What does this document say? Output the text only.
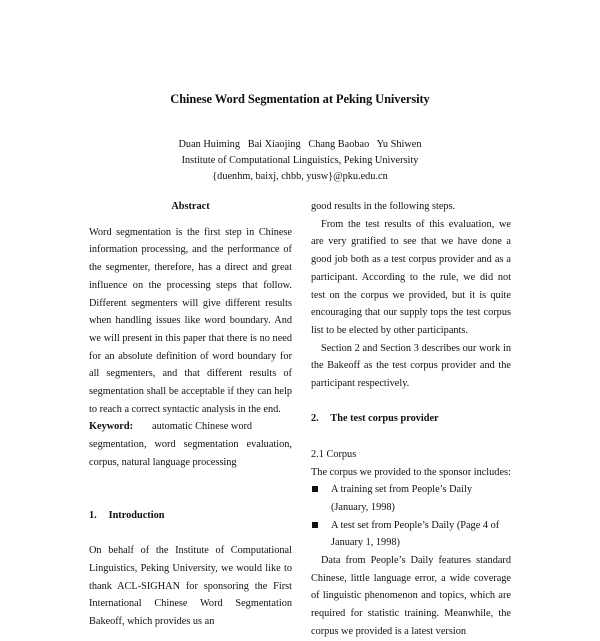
Chinese Word Segmentation at Peking University
Duan Huiming   Bai Xiaojing   Chang Baobao   Yu Shiwen
Institute of Computational Linguistics, Peking University
{duenhm, baixj, chbb, yusw}@pku.edu.cn
Abstract
Word segmentation is the first step in Chinese information processing, and the performance of the segmenter, therefore, has a direct and great influence on the processing steps that follow. Different segmenters will give different results when handling issues like word boundary. And we will present in this paper that there is no need for an absolute definition of word boundary for all segmenters, and that different results of segmentation shall be acceptable if they can help to reach a correct syntactic analysis in the end.
Keyword: automatic Chinese word
segmentation, word segmentation evaluation, corpus, natural language processing
1. Introduction
On behalf of the Institute of Computational Linguistics, Peking University, we would like to thank ACL-SIGHAN for sponsoring the First International Chinese Word Segmentation Bakeoff, which provides us an
good results in the following steps.
From the test results of this evaluation, we are very gratified to see that we have done a good job both as a test corpus provider and as a participant. According to the rule, we did not test on the corpus we provided, but it is quite encouraging that our supply tops the test corpus list to be elected by other participants.
Section 2 and Section 3 describes our work in the Bakeoff as the test corpus provider and the participant respectively.
2. The test corpus provider
2.1 Corpus
The corpus we provided to the sponsor includes:
A training set from People’s Daily (January, 1998)
A test set from People’s Daily (Page 4 of January 1, 1998)
Data from People’s Daily features standard Chinese, little language error, a wide coverage of linguistic phenomenon and topics, which are required for statistic training. Meanwhile, the corpus we provided is a latest version
